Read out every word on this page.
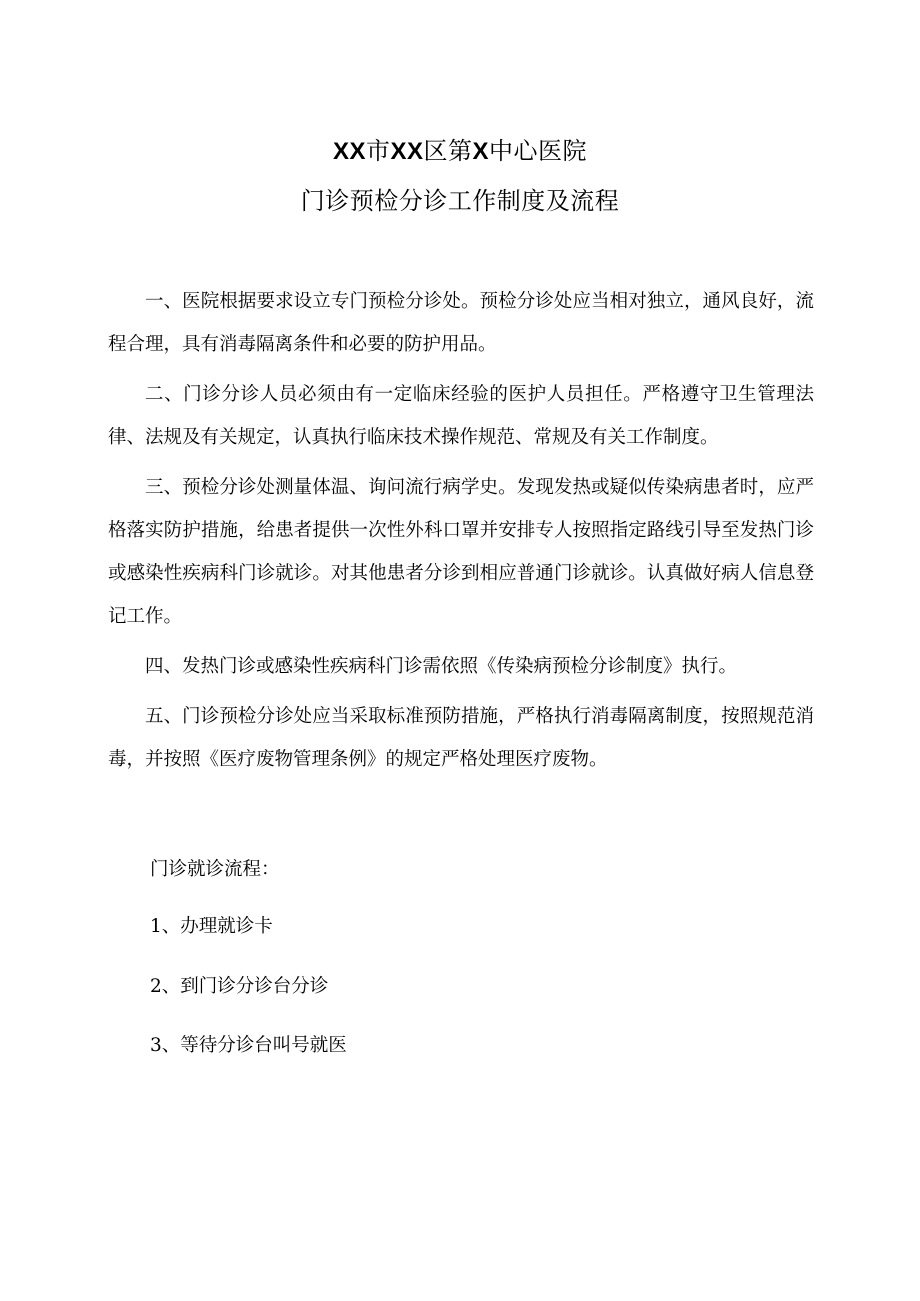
XX市XX区第X中心医院
门诊预检分诊工作制度及流程

一、医院根据要求设立专门预检分诊处。预检分诊处应当相对独立，通风良好，流程合理，具有消毒隔离条件和必要的防护用品。

二、门诊分诊人员必须由有一定临床经验的医护人员担任。严格遵守卫生管理法律、法规及有关规定，认真执行临床技术操作规范、常规及有关工作制度。

三、预检分诊处测量体温、询问流行病学史。发现发热或疑似传染病患者时，应严格落实防护措施，给患者提供一次性外科口罩并安排专人按照指定路线引导至发热门诊或感染性疾病科门诊就诊。对其他患者分诊到相应普通门诊就诊。认真做好病人信息登记工作。

四、发热门诊或感染性疾病科门诊需依照《传染病预检分诊制度》执行。

五、门诊预检分诊处应当采取标准预防措施，严格执行消毒隔离制度，按照规范消毒，并按照《医疗废物管理条例》的规定严格处理医疗废物。

门诊就诊流程：
1、办理就诊卡
2、到门诊分诊台分诊
3、等待分诊台叫号就医
